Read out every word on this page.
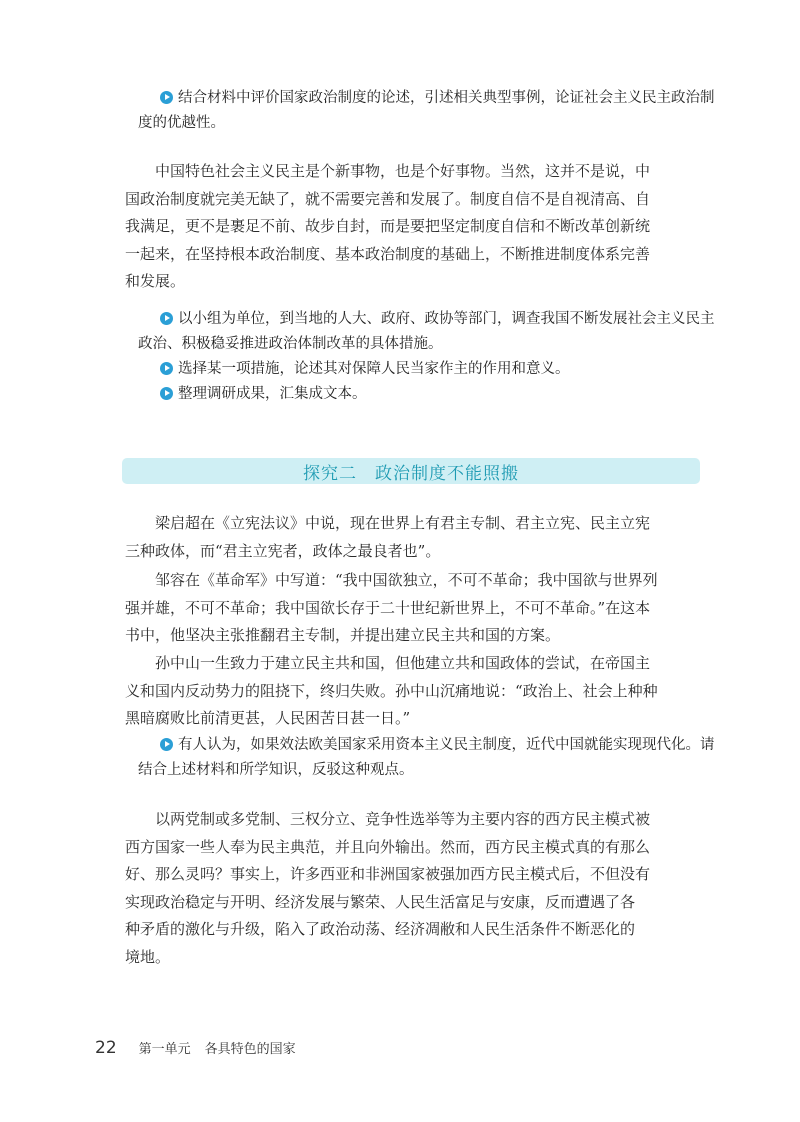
结合材料中评价国家政治制度的论述，引述相关典型事例，论证社会主义民主政治制
度的优越性。
中国特色社会主义民主是个新事物，也是个好事物。当然，这并不是说，中
国政治制度就完美无缺了，就不需要完善和发展了。制度自信不是自视清高、自
我满足，更不是裹足不前、故步自封，而是要把坚定制度自信和不断改革创新统
一起来，在坚持根本政治制度、基本政治制度的基础上，不断推进制度体系完善
和发展。
以小组为单位，到当地的人大、政府、政协等部门，调查我国不断发展社会主义民主
政治、积极稳妥推进政治体制改革的具体措施。
选择某一项措施，论述其对保障人民当家作主的作用和意义。
整理调研成果，汇集成文本。
探究二　政治制度不能照搬
梁启超在《立宪法议》中说，现在世界上有君主专制、君主立宪、民主立宪
三种政体，而“君主立宪者，政体之最良者也”。
邹容在《革命军》中写道：“我中国欲独立，不可不革命；我中国欲与世界列
强并雄，不可不革命；我中国欲长存于二十世纪新世界上，不可不革命。”在这本
书中，他坚决主张推翻君主专制，并提出建立民主共和国的方案。
孙中山一生致力于建立民主共和国，但他建立共和国政体的尝试，在帝国主
义和国内反动势力的阻挠下，终归失败。孙中山沉痛地说：“政治上、社会上种种
黑暗腐败比前清更甚，人民困苦日甚一日。”
有人认为，如果效法欧美国家采用资本主义民主制度，近代中国就能实现现代化。请
结合上述材料和所学知识，反驳这种观点。
以两党制或多党制、三权分立、竞争性选举等为主要内容的西方民主模式被
西方国家一些人奉为民主典范，并且向外输出。然而，西方民主模式真的有那么
好、那么灵吗？事实上，许多西亚和非洲国家被强加西方民主模式后，不但没有
实现政治稳定与开明、经济发展与繁荣、人民生活富足与安康，反而遭遇了各
种矛盾的激化与升级，陷入了政治动荡、经济凋敝和人民生活条件不断恶化的
境地。
22 第一单元 各具特色的国家
